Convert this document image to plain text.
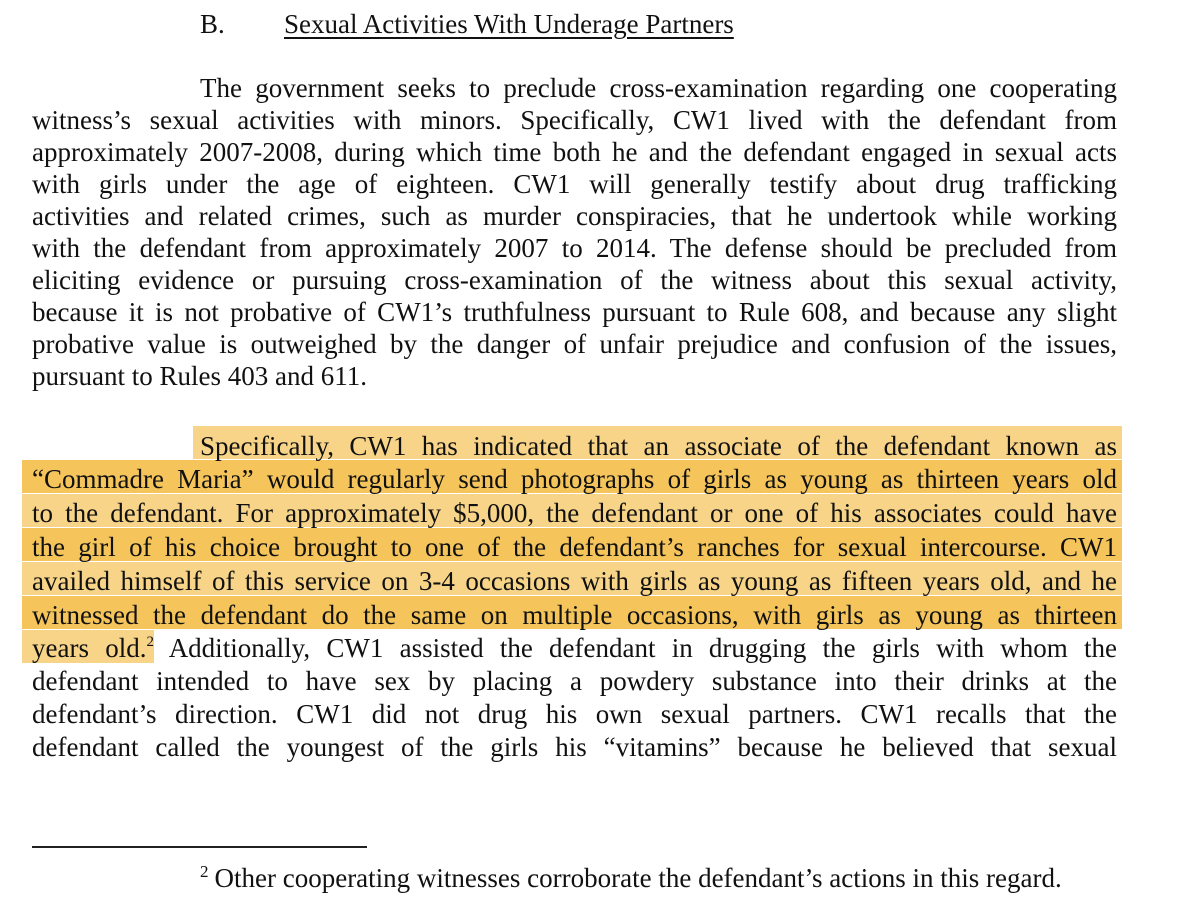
B. Sexual Activities With Underage Partners
The government seeks to preclude cross-examination regarding one cooperating
witness’s sexual activities with minors. Specifically, CW1 lived with the defendant from
approximately 2007-2008, during which time both he and the defendant engaged in sexual acts
with girls under the age of eighteen. CW1 will generally testify about drug trafficking
activities and related crimes, such as murder conspiracies, that he undertook while working
with the defendant from approximately 2007 to 2014. The defense should be precluded from
eliciting evidence or pursuing cross-examination of the witness about this sexual activity,
because it is not probative of CW1’s truthfulness pursuant to Rule 608, and because any slight
probative value is outweighed by the danger of unfair prejudice and confusion of the issues,
pursuant to Rules 403 and 611.
Specifically, CW1 has indicated that an associate of the defendant known as
“Commadre Maria” would regularly send photographs of girls as young as thirteen years old
to the defendant. For approximately $5,000, the defendant or one of his associates could have
the girl of his choice brought to one of the defendant’s ranches for sexual intercourse. CW1
availed himself of this service on 3-4 occasions with girls as young as fifteen years old, and he
witnessed the defendant do the same on multiple occasions, with girls as young as thirteen
years old.$^2$ Additionally, CW1 assisted the defendant in drugging the girls with whom the
defendant intended to have sex by placing a powdery substance into their drinks at the
defendant’s direction. CW1 did not drug his own sexual partners. CW1 recalls that the
defendant called the youngest of the girls his “vitamins” because he believed that sexual
$^2$ Other cooperating witnesses corroborate the defendant’s actions in this regard.
